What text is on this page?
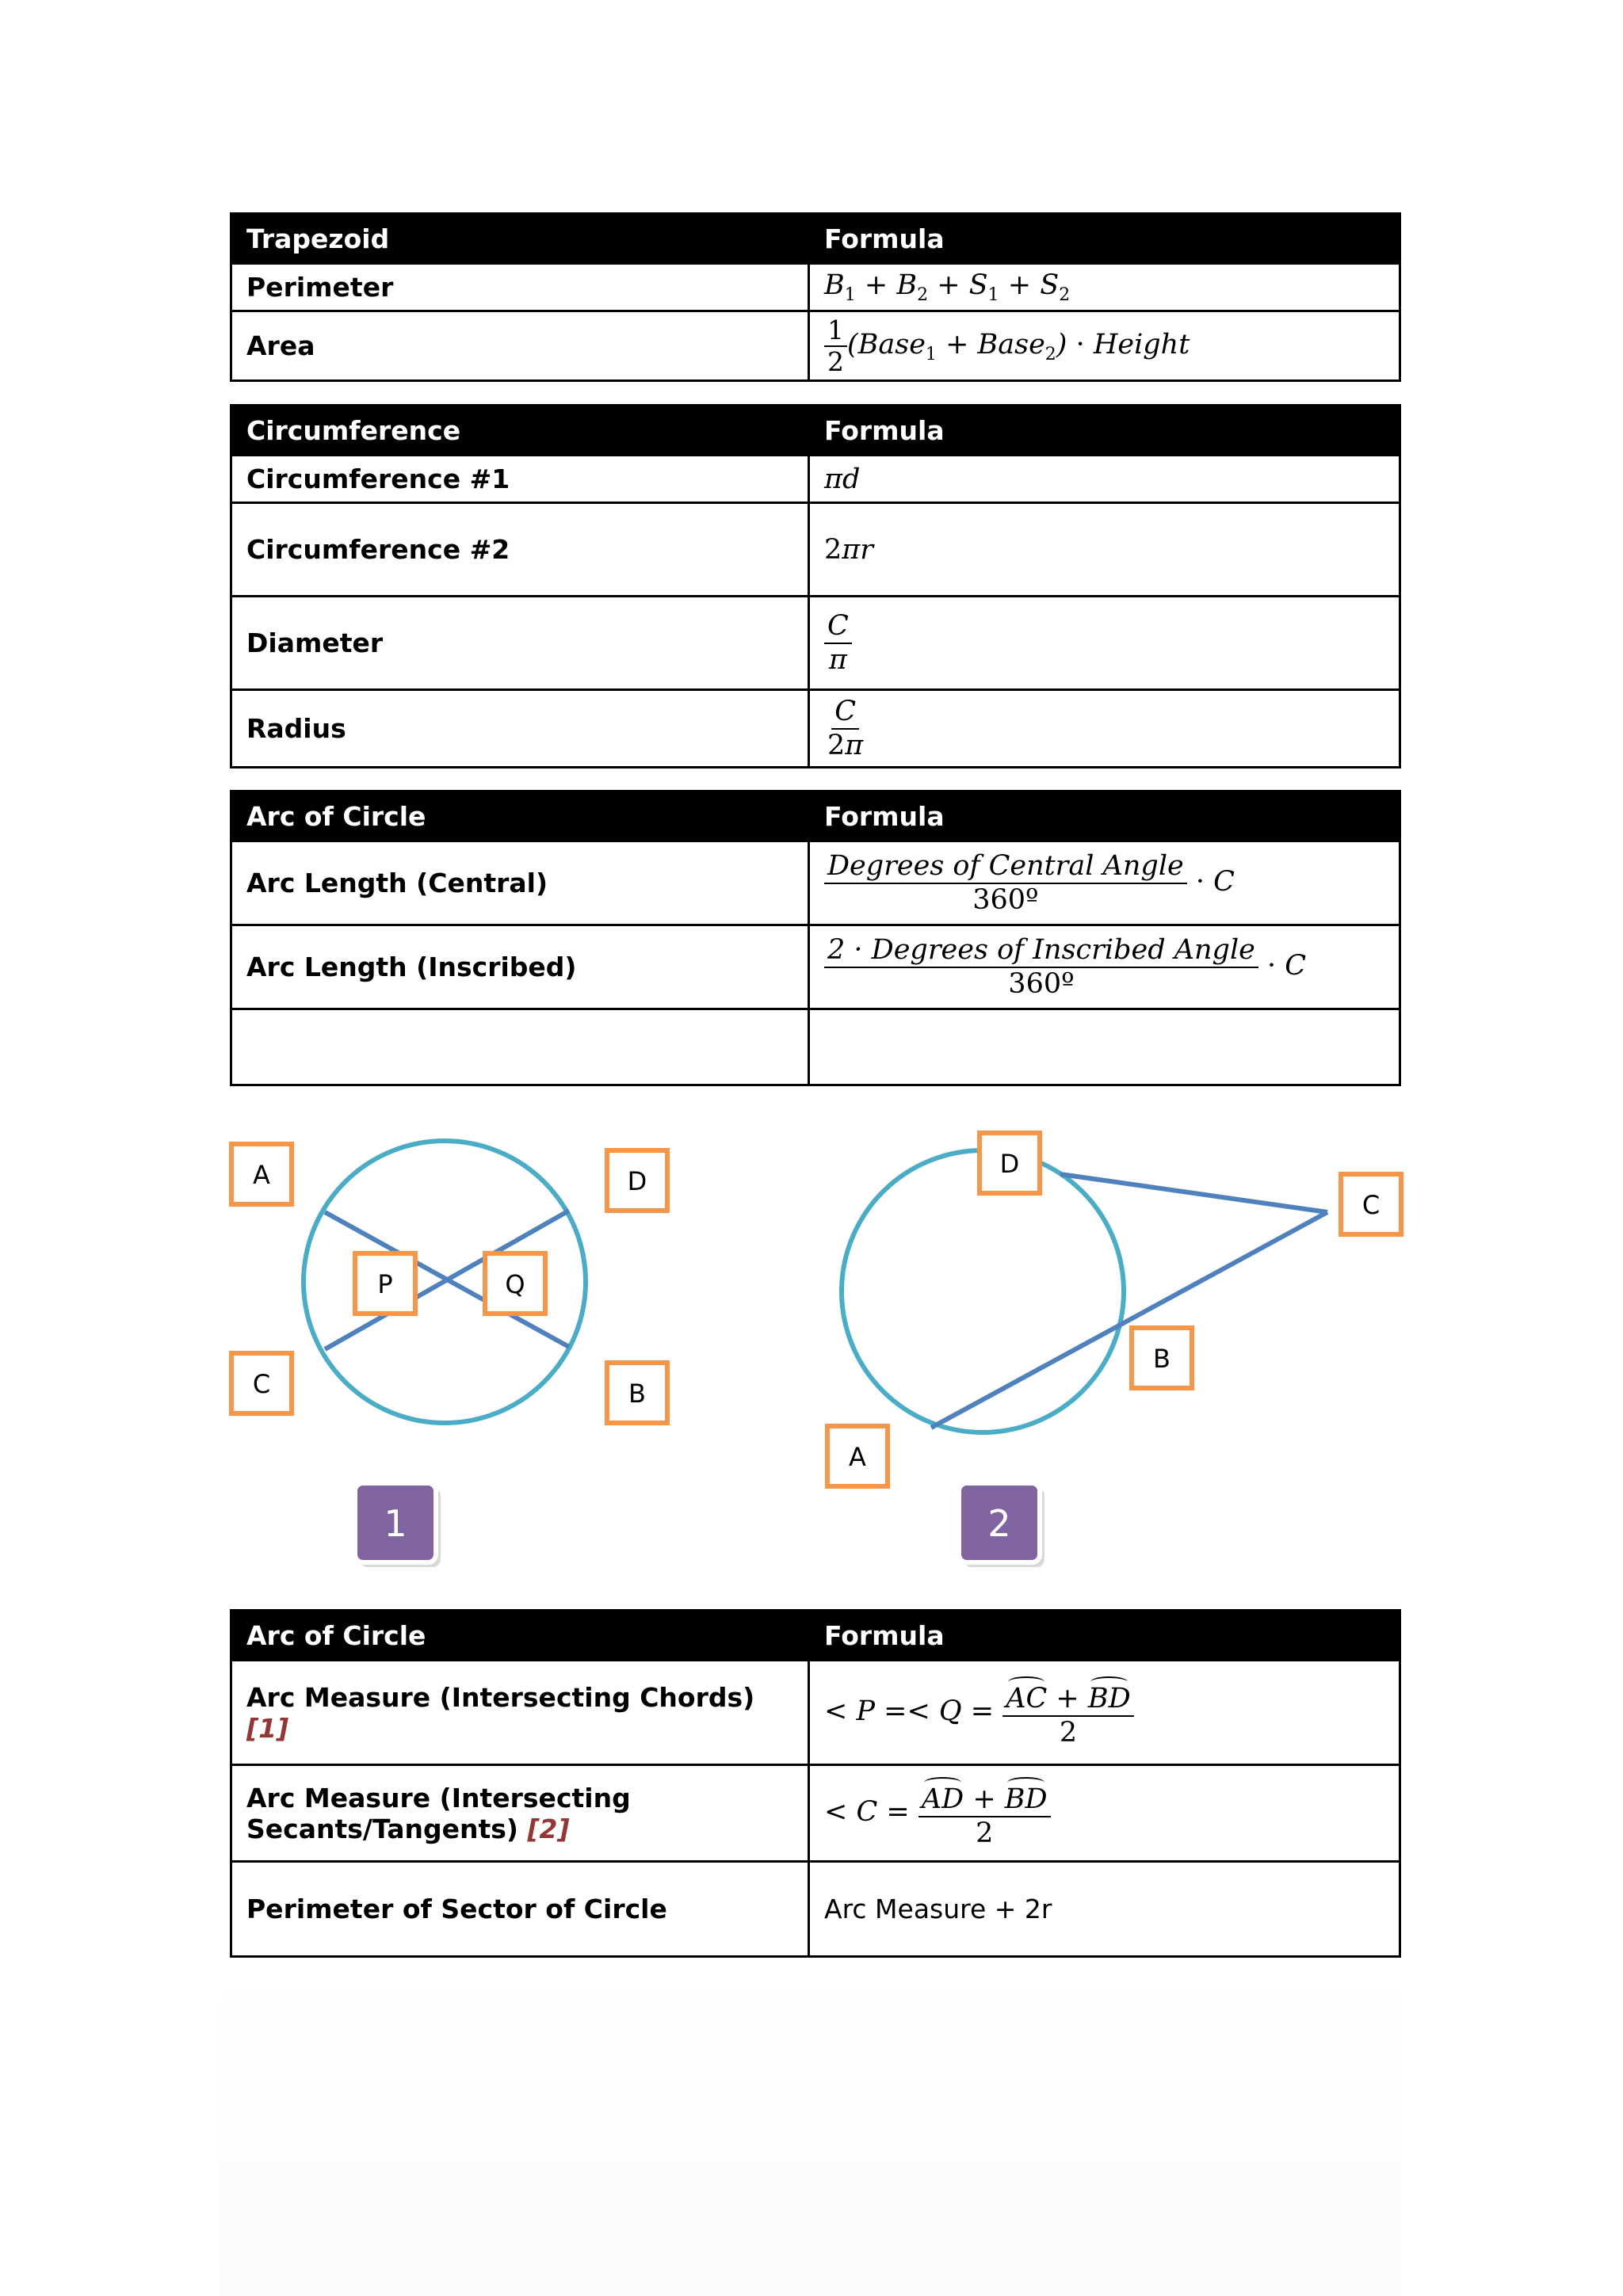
Trapezoid	Formula
Perimeter	$B_1 + B_2 + S_1 + S_2$
Area	$\frac{1}{2}$ (Base$_1$ + Base$_2$) · Height
Circumference	Formula
Circumference #1	πd
Circumference #2	2πr
Diameter	$\frac{C}{\pi}$

Radius	$\frac{C}{2\pi}$
Arc of Circle	Formula
Arc Length (Central)	$\frac{\text{Degrees of Central Angle}}{\text{360º}} \cdot C$
Arc Length (Inscribed)	$\frac{\text{2 · Degrees of Inscribed Angle}}{\text{360º}} \cdot C$

A	D
P	Q
C	B
1
D
C
B
A
2
Arc of Circle	Formula
Arc Measure (Intersecting Chords) [1]	< $P =< Q = \frac{AC + BD}{2}$

Arc Measure (Intersecting
Secants/Tangents) [2]	< $C = \frac{AD + BD}{2}$

Perimeter of Sector of Circle	Arc Measure + 2r
